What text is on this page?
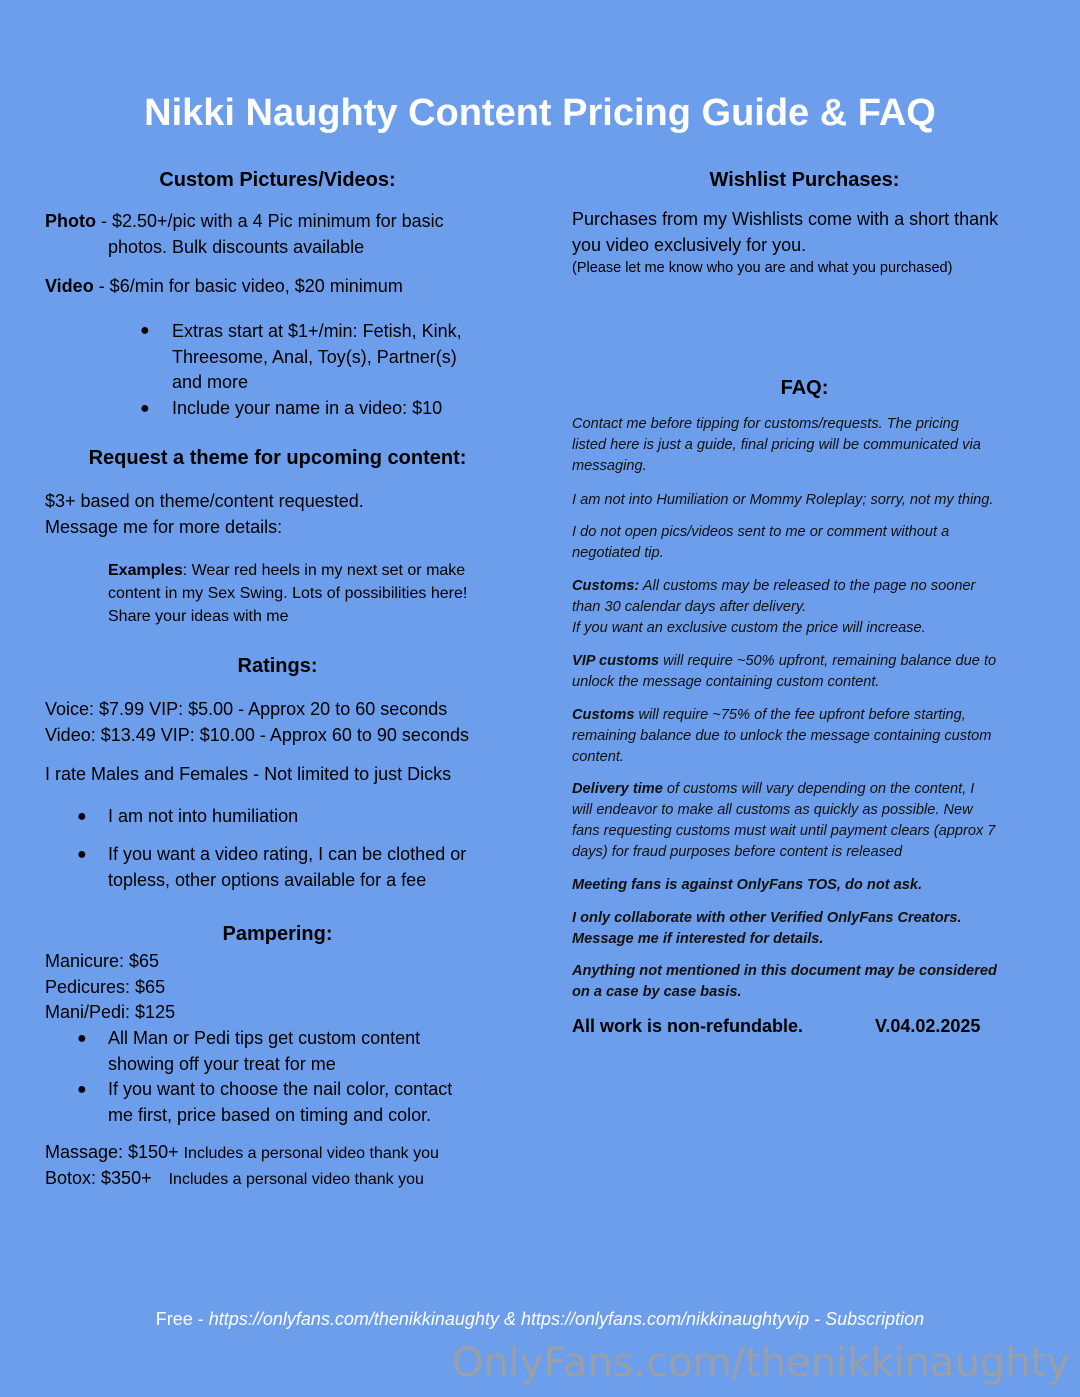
Nikki Naughty Content Pricing Guide & FAQ
Custom Pictures/Videos:
Photo - $2.50+/pic with a 4 Pic minimum for basic
photos. Bulk discounts available
Video - $6/min for basic video, $20 minimum
● Extras start at $1+/min: Fetish, Kink,
Threesome, Anal, Toy(s), Partner(s)
and more
● Include your name in a video: $10
Request a theme for upcoming content:
$3+ based on theme/content requested.
Message me for more details:
Examples: Wear red heels in my next set or make
content in my Sex Swing. Lots of possibilities here!
Share your ideas with me
Ratings:
Voice: $7.99 VIP: $5.00 - Approx 20 to 60 seconds
Video: $13.49 VIP: $10.00 - Approx 60 to 90 seconds
I rate Males and Females - Not limited to just Dicks
● I am not into humiliation
● If you want a video rating, I can be clothed or
topless, other options available for a fee
Pampering:
Manicure: $65
Pedicures: $65
Mani/Pedi: $125
● All Man or Pedi tips get custom content
showing off your treat for me
● If you want to choose the nail color, contact
me first, price based on timing and color.
Massage: $150+ Includes a personal video thank you
Botox: $350+ Includes a personal video thank you
Wishlist Purchases:
Purchases from my Wishlists come with a short thank
you video exclusively for you.
(Please let me know who you are and what you purchased)
FAQ:
Contact me before tipping for customs/requests. The pricing
listed here is just a guide, final pricing will be communicated via
messaging.
I am not into Humiliation or Mommy Roleplay; sorry, not my thing.
I do not open pics/videos sent to me or comment without a
negotiated tip.
Customs: All customs may be released to the page no sooner
than 30 calendar days after delivery.
If you want an exclusive custom the price will increase.
VIP customs will require ~50% upfront, remaining balance due to
unlock the message containing custom content.
Customs will require ~75% of the fee upfront before starting,
remaining balance due to unlock the message containing custom
content.
Delivery time of customs will vary depending on the content, I
will endeavor to make all customs as quickly as possible. New
fans requesting customs must wait until payment clears (approx 7
days) for fraud purposes before content is released
Meeting fans is against OnlyFans TOS, do not ask.
I only collaborate with other Verified OnlyFans Creators.
Message me if interested for details.
Anything not mentioned in this document may be considered
on a case by case basis.
All work is non-refundable.	V.04.02.2025
Free - https://onlyfans.com/thenikkinaughty & https://onlyfans.com/nikkinaughtyvip - Subscription
OnlyFans.com/thenikkinaughty
